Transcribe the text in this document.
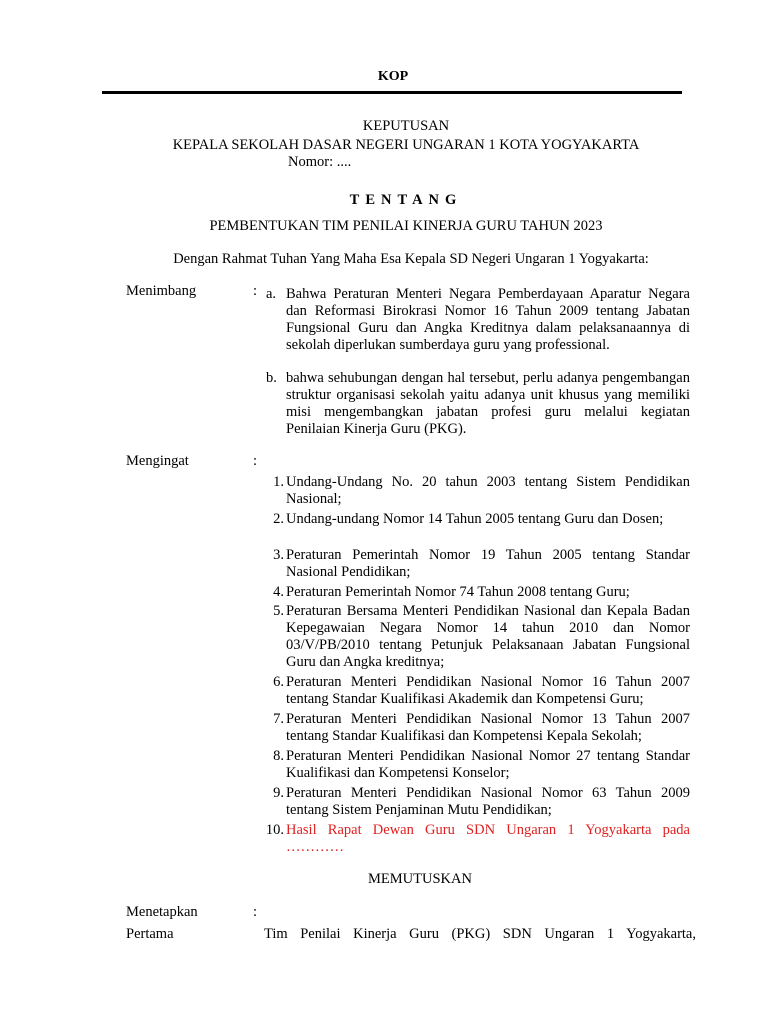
KOP
KEPUTUSAN
KEPALA SEKOLAH DASAR NEGERI UNGARAN 1 KOTA YOGYAKARTA
Nomor: ....
TENTANG
PEMBENTUKAN TIM PENILAI KINERJA GURU TAHUN 2023
Dengan Rahmat Tuhan Yang Maha Esa Kepala SD Negeri Ungaran 1 Yogyakarta:
Menimbang	: a. Bahwa Peraturan Menteri Negara Pemberdayaan Aparatur Negara dan Reformasi Birokrasi Nomor 16 Tahun 2009 tentang Jabatan Fungsional Guru dan Angka Kreditnya dalam pelaksanaannya di sekolah diperlukan sumberdaya guru yang professional.
b. bahwa sehubungan dengan hal tersebut, perlu adanya pengembangan struktur organisasi sekolah yaitu adanya unit khusus yang memiliki misi mengembangkan jabatan profesi guru melalui kegiatan Penilaian Kinerja Guru (PKG).
Mengingat	:
1. Undang-Undang No. 20 tahun 2003 tentang Sistem Pendidikan Nasional;
2. Undang-undang Nomor 14 Tahun 2005 tentang Guru dan Dosen;
3. Peraturan Pemerintah Nomor 19 Tahun 2005 tentang Standar Nasional Pendidikan;
4. Peraturan Pemerintah Nomor 74 Tahun 2008 tentang Guru;
5. Peraturan Bersama Menteri Pendidikan Nasional dan Kepala Badan Kepegawaian Negara Nomor 14 tahun 2010 dan Nomor 03/V/PB/2010 tentang Petunjuk Pelaksanaan Jabatan Fungsional Guru dan Angka kreditnya;
6. Peraturan Menteri Pendidikan Nasional Nomor 16 Tahun 2007 tentang Standar Kualifikasi Akademik dan Kompetensi Guru;
7. Peraturan Menteri Pendidikan Nasional Nomor 13 Tahun 2007 tentang Standar Kualifikasi dan Kompetensi Kepala Sekolah;
8. Peraturan Menteri Pendidikan Nasional Nomor 27 tentang Standar Kualifikasi dan Kompetensi Konselor;
9. Peraturan Menteri Pendidikan Nasional Nomor 63 Tahun 2009 tentang Sistem Penjaminan Mutu Pendidikan;
10. Hasil Rapat Dewan Guru SDN Ungaran 1 Yogyakarta pada …………
MEMUTUSKAN
Menetapkan	:
Pertama	Tim Penilai Kinerja Guru (PKG) SDN Ungaran 1 Yogyakarta,
